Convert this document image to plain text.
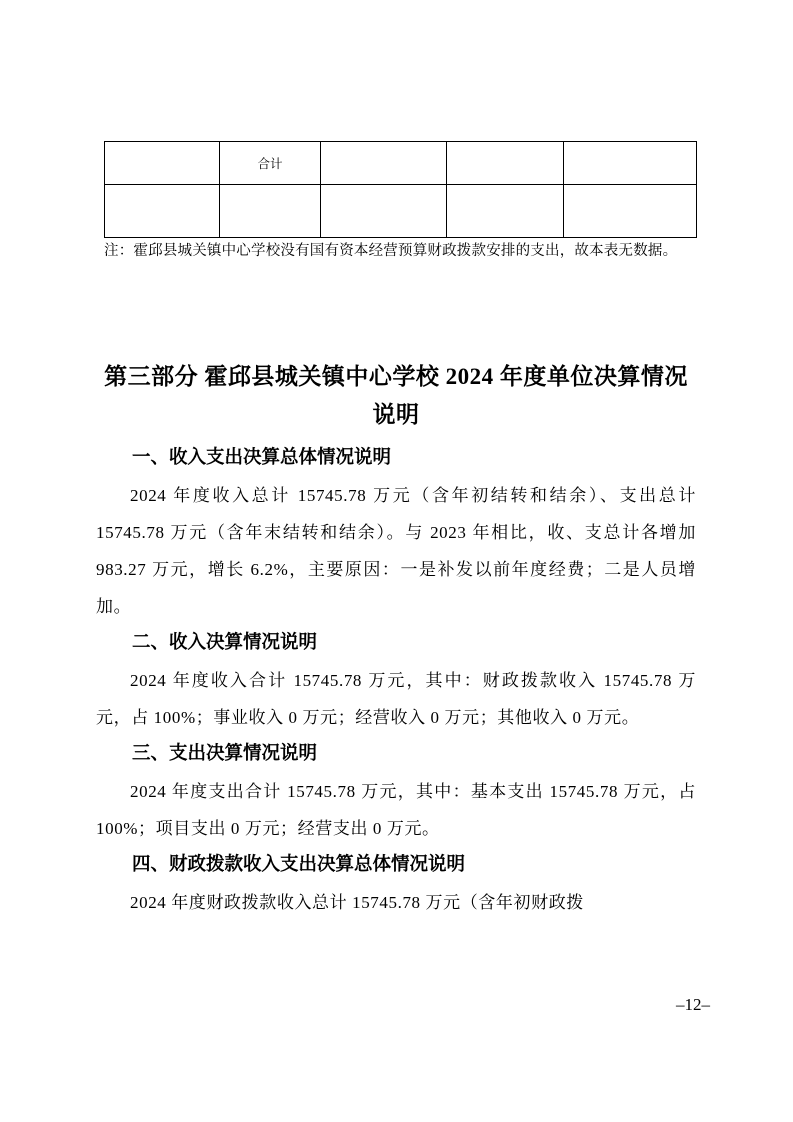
	合计			

注：霍邱县城关镇中心学校没有国有资本经营预算财政拨款安排的支出，故本表无数据。
第三部分 霍邱县城关镇中心学校 2024 年度单位决算情况
说明

一、收入支出决算总体情况说明

2024 年度收入总计 15745.78 万元（含年初结转和结余）、支出总计 15745.78 万元（含年末结转和结余）。与 2023 年相比，收、支总计各增加 983.27 万元，增长 6.2%，主要原因：一是补发以前年度经费；二是人员增加。

二、收入决算情况说明

2024 年度收入合计 15745.78 万元，其中：财政拨款收入 15745.78 万元，占 100%；事业收入 0 万元；经营收入 0 万元；其他收入 0 万元。

三、支出决算情况说明

2024 年度支出合计 15745.78 万元，其中：基本支出 15745.78 万元，占 100%；项目支出 0 万元；经营支出 0 万元。

四、财政拨款收入支出决算总体情况说明

2024 年度财政拨款收入总计 15745.78 万元（含年初财政拨

–12–
